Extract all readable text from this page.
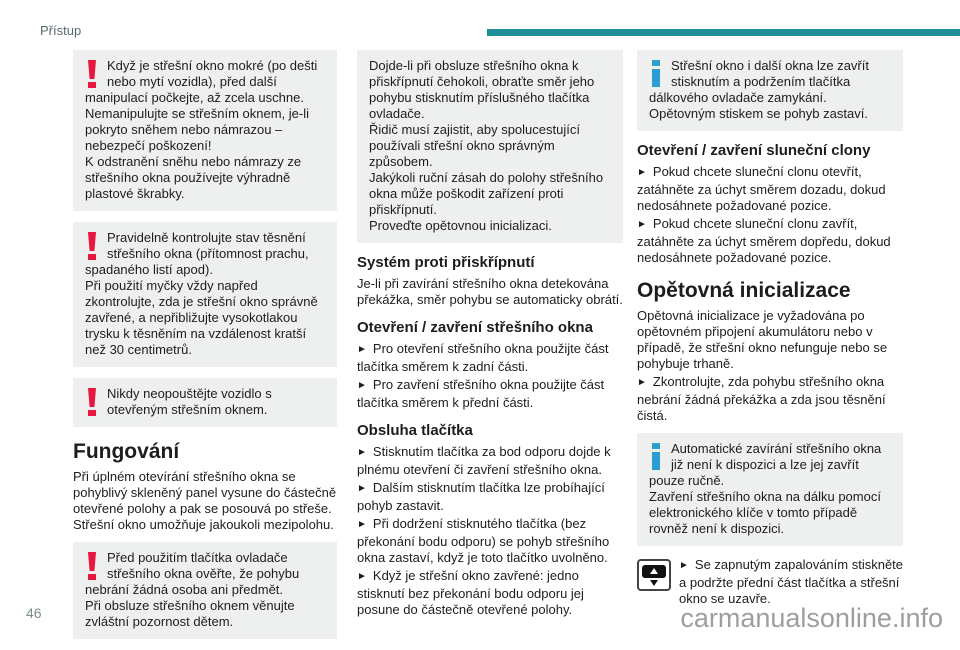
Přístup

Když je střešní okno mokré (po dešti nebo mytí vozidla), před další manipulací počkejte, až zcela uschne.

Nemanipulujte se střešním oknem, je-li pokryto sněhem nebo námrazou – nebezpečí poškození!

K odstranění sněhu nebo námrazy ze střešního okna používejte výhradně plastové škrabky.

Pravidelně kontrolujte stav těsnění střešního okna (přítomnost prachu, spadaného listí apod).

Při použití myčky vždy napřed zkontrolujte, zda je střešní okno správně zavřené, a nepřibližujte vysokotlakou trysku k těsněním na vzdálenost kratší než 30 centimetrů.

Nikdy neopouštějte vozidlo s otevřeným střešním oknem.

Fungování

Při úplném otevírání střešního okna se pohyblivý skleněný panel vysune do částečně otevřené polohy a pak se posouvá po střeše. Střešní okno umožňuje jakoukoli mezipolohu.

Před použitím tlačítka ovladače střešního okna ověřte, že pohybu nebrání žádná osoba ani předmět.

Při obsluze střešního oknem věnujte zvláštní pozornost dětem.

Dojde-li při obsluze střešního okna k přiskřípnutí čehokoli, obraťte směr jeho pohybu stisknutím příslušného tlačítka ovladače.

Řidič musí zajistit, aby spolucestující používali střešní okno správným způsobem.

Jakýkoli ruční zásah do polohy střešního okna může poškodit zařízení proti přiskřípnutí.

Proveďte opětovnou inicializaci.

Systém proti přiskřípnutí

Je-li při zavírání střešního okna detekována překážka, směr pohybu se automaticky obrátí.

Otevření / zavření střešního okna

► Pro otevření střešního okna použijte část tlačítka směrem k zadní části.

► Pro zavření střešního okna použijte část tlačítka směrem k přední části.

Obsluha tlačítka

► Stisknutím tlačítka za bod odporu dojde k plnému otevření či zavření střešního okna.

► Dalším stisknutím tlačítka lze probíhající pohyb zastavit.

► Při dodržení stisknutého tlačítka (bez překonání bodu odporu) se pohyb střešního okna zastaví, když je toto tlačítko uvolněno.

► Když je střešní okno zavřené: jedno stisknutí bez překonání bodu odporu jej posune do částečně otevřené polohy.

Střešní okno i další okna lze zavřít stisknutím a podržením tlačítka dálkového ovladače zamykání.

Opětovným stiskem se pohyb zastaví.

Otevření / zavření sluneční clony

► Pokud chcete sluneční clonu otevřít, zatáhněte za úchyt směrem dozadu, dokud nedosáhnete požadované pozice.

► Pokud chcete sluneční clonu zavřít, zatáhněte za úchyt směrem dopředu, dokud nedosáhnete požadované pozice.

Opětovná inicializace

Opětovná inicializace je vyžadována po opětovném připojení akumulátoru nebo v případě, že střešní okno nefunguje nebo se pohybuje trhaně.

► Zkontrolujte, zda pohybu střešního okna nebrání žádná překážka a zda jsou těsnění čistá.

Automatické zavírání střešního okna již není k dispozici a lze jej zavřít pouze ručně.

Zavření střešního okna na dálku pomocí elektronického klíče v tomto případě rovněž není k dispozici.

► Se zapnutým zapalováním stiskněte a podržte přední část tlačítka a střešní okno se uzavře.

46	carmanualsonline.info
